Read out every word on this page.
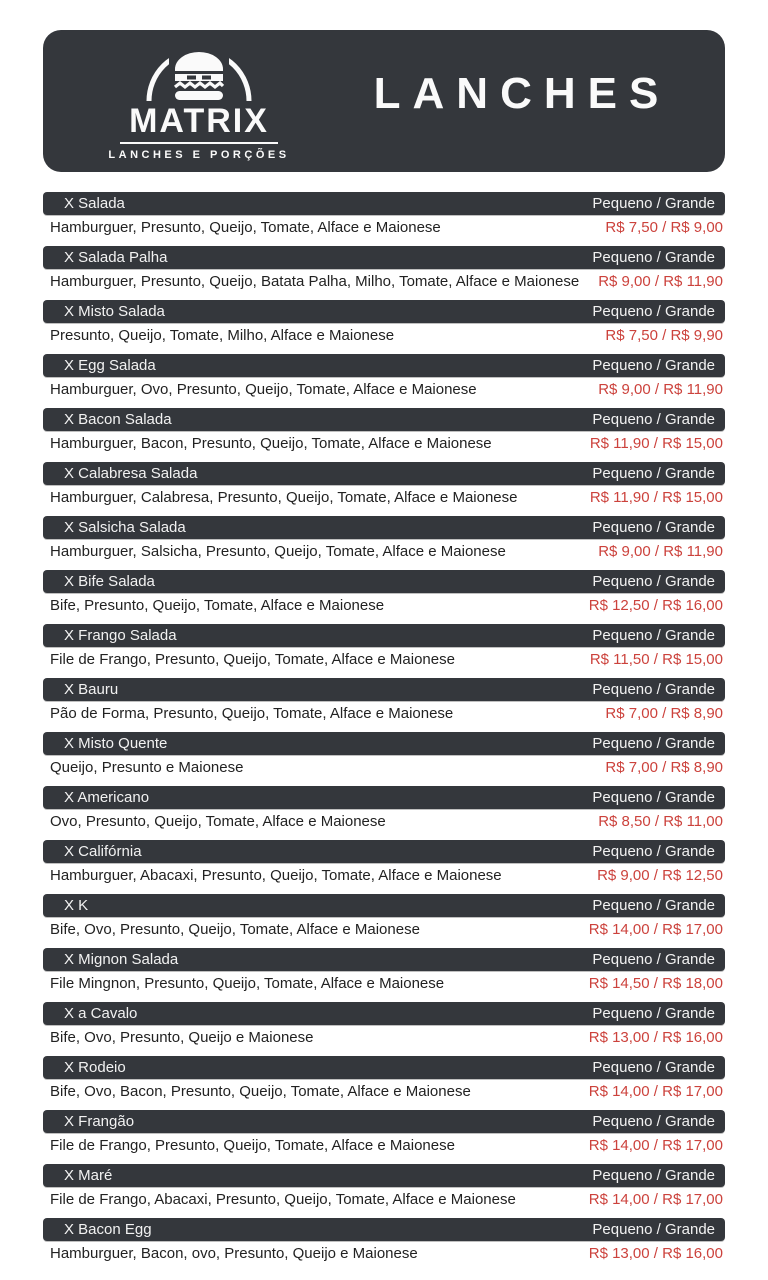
MATRIX
LANCHES E PORÇÕES
LANCHES
X Salada	Pequeno / Grande
Hamburguer, Presunto, Queijo, Tomate, Alface e Maionese	R$ 7,50 / R$ 9,00
X Salada Palha	Pequeno / Grande
Hamburguer, Presunto, Queijo, Batata Palha, Milho, Tomate, Alface e Maionese	R$ 9,00 / R$ 11,90
X Misto Salada	Pequeno / Grande
Presunto, Queijo, Tomate, Milho, Alface e Maionese	R$ 7,50 / R$ 9,90
X Egg Salada	Pequeno / Grande
Hamburguer, Ovo, Presunto, Queijo, Tomate, Alface e Maionese	R$ 9,00 / R$ 11,90
X Bacon Salada	Pequeno / Grande
Hamburguer, Bacon, Presunto, Queijo, Tomate, Alface e Maionese	R$ 11,90 / R$ 15,00
X Calabresa Salada	Pequeno / Grande
Hamburguer, Calabresa, Presunto, Queijo, Tomate, Alface e Maionese	R$ 11,90 / R$ 15,00
X Salsicha Salada	Pequeno / Grande
Hamburguer, Salsicha, Presunto, Queijo, Tomate, Alface e Maionese	R$ 9,00 / R$ 11,90
X Bife Salada	Pequeno / Grande
Bife, Presunto, Queijo, Tomate, Alface e Maionese	R$ 12,50 / R$ 16,00
X Frango Salada	Pequeno / Grande
File de Frango, Presunto, Queijo, Tomate, Alface e Maionese	R$ 11,50 / R$ 15,00
X Bauru	Pequeno / Grande
Pão de Forma, Presunto, Queijo, Tomate, Alface e Maionese	R$ 7,00 / R$ 8,90
X Misto Quente	Pequeno / Grande
Queijo, Presunto e Maionese	R$ 7,00 / R$ 8,90
X Americano	Pequeno / Grande
Ovo, Presunto, Queijo, Tomate, Alface e Maionese	R$ 8,50 / R$ 11,00
X Califórnia	Pequeno / Grande
Hamburguer, Abacaxi, Presunto, Queijo, Tomate, Alface e Maionese	R$ 9,00 / R$ 12,50
X K	Pequeno / Grande
Bife, Ovo, Presunto, Queijo, Tomate, Alface e Maionese	R$ 14,00 / R$ 17,00
X Mignon Salada	Pequeno / Grande
File Mingnon, Presunto, Queijo, Tomate, Alface e Maionese	R$ 14,50 / R$ 18,00
X a Cavalo	Pequeno / Grande
Bife, Ovo, Presunto, Queijo e Maionese	R$ 13,00 / R$ 16,00
X Rodeio	Pequeno / Grande
Bife, Ovo, Bacon, Presunto, Queijo, Tomate, Alface e Maionese	R$ 14,00 / R$ 17,00
X Frangão	Pequeno / Grande
File de Frango, Presunto, Queijo, Tomate, Alface e Maionese	R$ 14,00 / R$ 17,00
X Maré	Pequeno / Grande
File de Frango, Abacaxi, Presunto, Queijo, Tomate, Alface e Maionese	R$ 14,00 / R$ 17,00
X Bacon Egg	Pequeno / Grande
Hamburguer, Bacon, ovo, Presunto, Queijo e Maionese	R$ 13,00 / R$ 16,00
